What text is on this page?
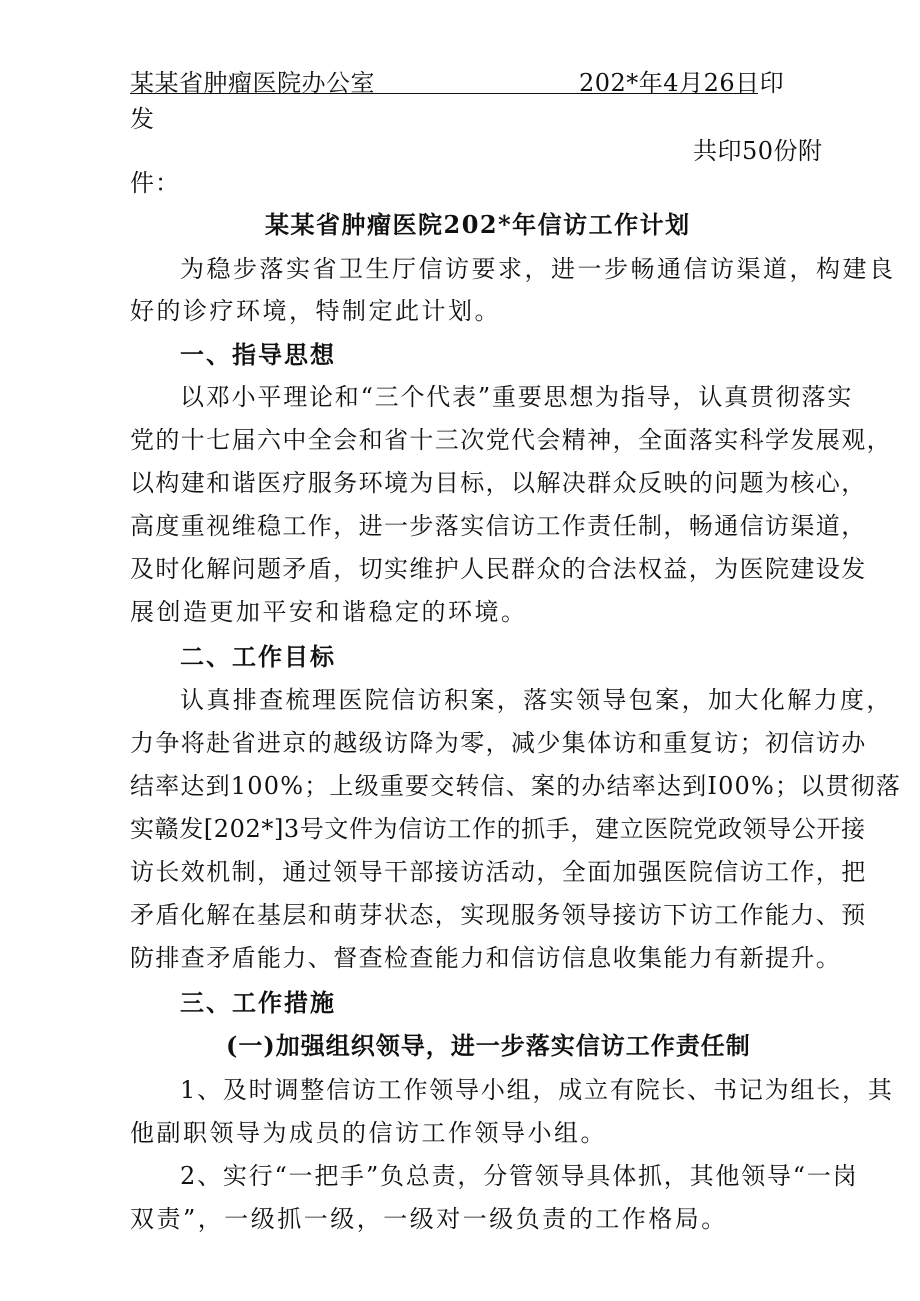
某某省肿瘤医院办公室	202*年4月26日印
发
共印50份附
件：
某某省肿瘤医院202*年信访工作计划
为稳步落实省卫生厅信访要求，进一步畅通信访渠道，构建良
好的诊疗环境，特制定此计划。
一、指导思想
以邓小平理论和“三个代表”重要思想为指导，认真贯彻落实
党的十七届六中全会和省十三次党代会精神，全面落实科学发展观，
以构建和谐医疗服务环境为目标，以解决群众反映的问题为核心，
高度重视维稳工作，进一步落实信访工作责任制，畅通信访渠道，
及时化解问题矛盾，切实维护人民群众的合法权益，为医院建设发
展创造更加平安和谐稳定的环境。
二、工作目标
认真排查梳理医院信访积案，落实领导包案，加大化解力度，
力争将赴省进京的越级访降为零，减少集体访和重复访；初信访办
结率达到100%；上级重要交转信、案的办结率达到I00%；以贯彻落
实赣发[202*]3号文件为信访工作的抓手，建立医院党政领导公开接
访长效机制，通过领导干部接访活动，全面加强医院信访工作，把
矛盾化解在基层和萌芽状态，实现服务领导接访下访工作能力、预
防排查矛盾能力、督查检查能力和信访信息收集能力有新提升。
三、工作措施
(一)加强组织领导，进一步落实信访工作责任制
1、及时调整信访工作领导小组，成立有院长、书记为组长，其
他副职领导为成员的信访工作领导小组。
2、实行“一把手”负总责，分管领导具体抓，其他领导“一岗
双责”，一级抓一级，一级对一级负责的工作格局。
